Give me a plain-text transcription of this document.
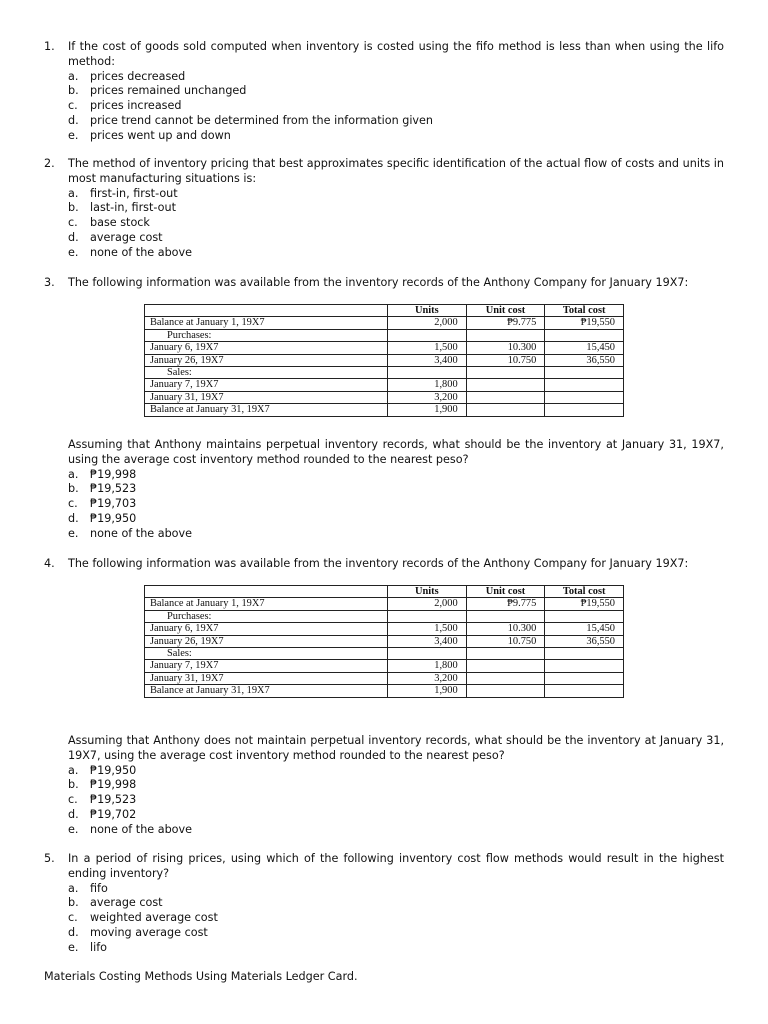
1.	If the cost of goods sold computed when inventory is costed using the fifo method is less than when using the lifo method:
a. prices decreased
b. prices remained unchanged
c. prices increased
d. price trend cannot be determined from the information given
e. prices went up and down
2.	The method of inventory pricing that best approximates specific identification of the actual flow of costs and units in most manufacturing situations is:
a. first-in, first-out
b. last-in, first-out
c. base stock
d. average cost
e. none of the above
3.	The following information was available from the inventory records of the Anthony Company for January 19X7:
	Units	Unit cost	Total cost
Balance at January 1, 19X7	2,000	₱9.775	₱19,550
Purchases:			
January 6, 19X7	1,500	10.300	15,450
January 26, 19X7	3,400	10.750	36,550
Sales:			
January 7, 19X7	1,800		
January 31, 19X7	3,200		
Balance at January 31, 19X7	1,900		
Assuming that Anthony maintains perpetual inventory records, what should be the inventory at January 31, 19X7, using the average cost inventory method rounded to the nearest peso?
a. ₱19,998
b. ₱19,523
c. ₱19,703
d. ₱19,950
e. none of the above
4.	The following information was available from the inventory records of the Anthony Company for January 19X7:
	Units	Unit cost	Total cost
Balance at January 1, 19X7	2,000	₱9.775	₱19,550
Purchases:			
January 6, 19X7	1,500	10.300	15,450
January 26, 19X7	3,400	10.750	36,550
Sales:			
January 7, 19X7	1,800		
January 31, 19X7	3,200		
Balance at January 31, 19X7	1,900		
Assuming that Anthony does not maintain perpetual inventory records, what should be the inventory at January 31, 19X7, using the average cost inventory method rounded to the nearest peso?
a. ₱19,950
b. ₱19,998
c. ₱19,523
d. ₱19,702
e. none of the above
5.	In a period of rising prices, using which of the following inventory cost flow methods would result in the highest ending inventory?
a. fifo
b. average cost
c. weighted average cost
d. moving average cost
e. lifo
Materials Costing Methods Using Materials Ledger Card.
